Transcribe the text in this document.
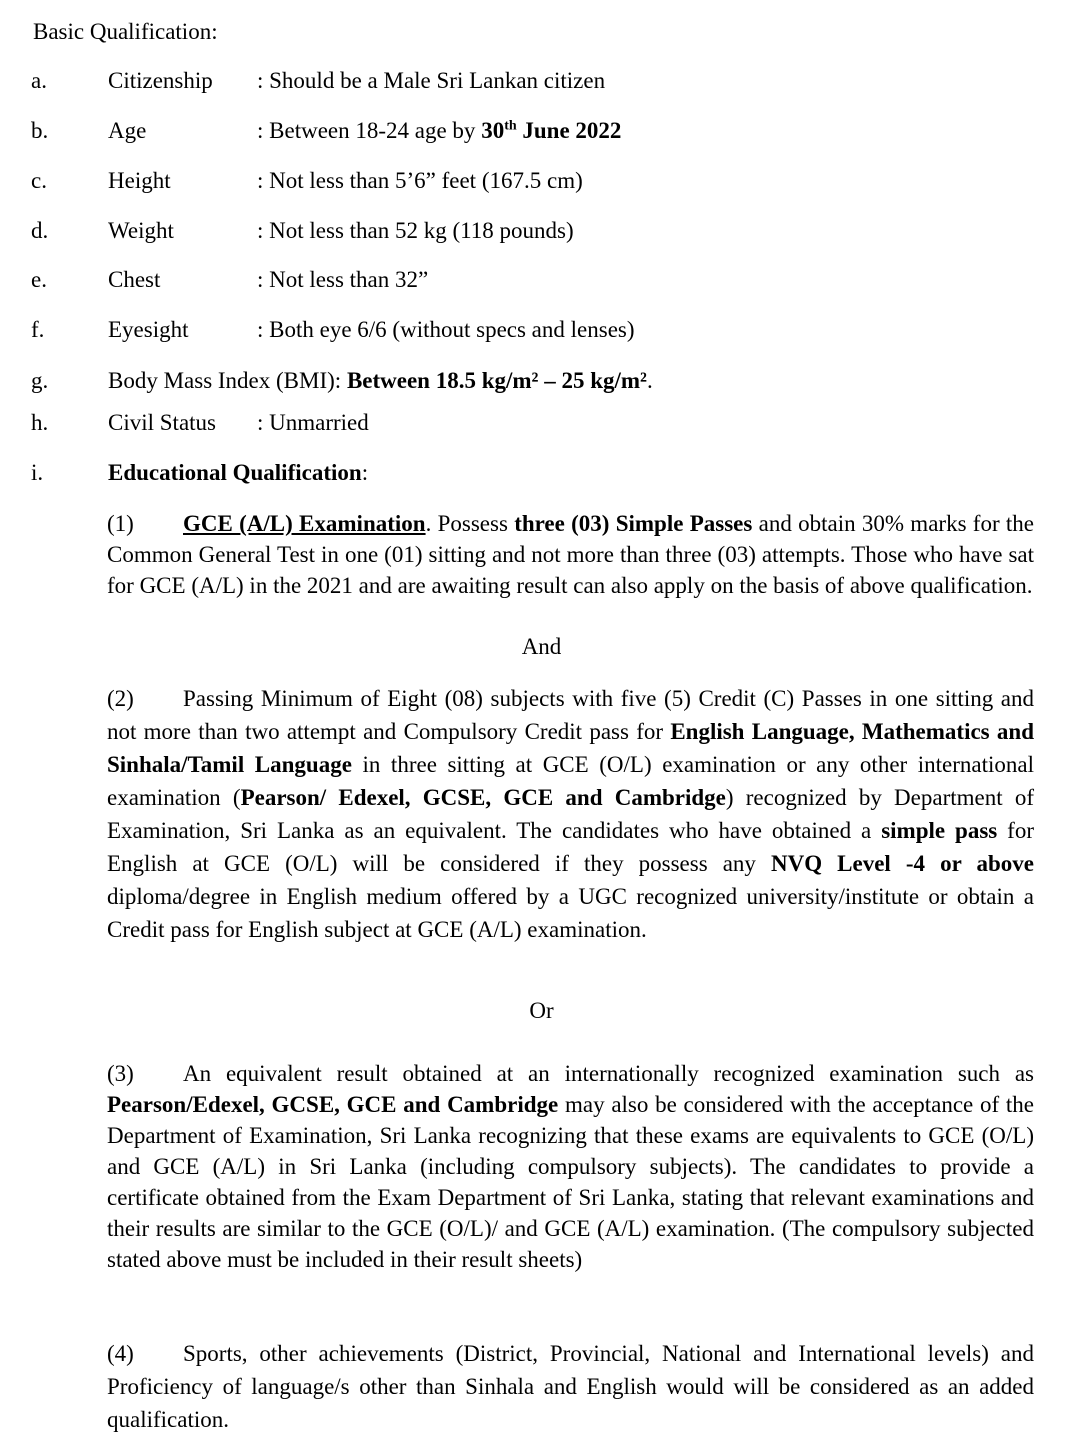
Basic Qualification:
a.	Citizenship : Should be a Male Sri Lankan citizen
b.	Age	: Between 18-24 age by 30th June 2022
c.	Height	: Not less than 5’6” feet (167.5 cm)
d.	Weight	: Not less than 52 kg (118 pounds)
e.	Chest	: Not less than 32”
f.	Eyesight	: Both eye 6/6 (without specs and lenses)
g.	Body Mass Index (BMI): Between 18.5 kg/m² – 25 kg/m².
h.	Civil Status : Unmarried
i.	Educational Qualification:
(1) GCE (A/L) Examination. Possess three (03) Simple Passes and obtain 30% marks for the Common General Test in one (01) sitting and not more than three (03) attempts. Those who have sat for GCE (A/L) in the 2021 and are awaiting result can also apply on the basis of above qualification.
And
(2) Passing Minimum of Eight (08) subjects with five (5) Credit (C) Passes in one sitting and not more than two attempt and Compulsory Credit pass for English Language, Mathematics and Sinhala/Tamil Language in three sitting at GCE (O/L) examination or any other international examination (Pearson/ Edexel, GCSE, GCE and Cambridge) recognized by Department of Examination, Sri Lanka as an equivalent. The candidates who have obtained a simple pass for English at GCE (O/L) will be considered if they possess any NVQ Level -4 or above diploma/degree in English medium offered by a UGC recognized university/institute or obtain a Credit pass for English subject at GCE (A/L) examination.
Or
(3) An equivalent result obtained at an internationally recognized examination such as Pearson/Edexel, GCSE, GCE and Cambridge may also be considered with the acceptance of the Department of Examination, Sri Lanka recognizing that these exams are equivalents to GCE (O/L) and GCE (A/L) in Sri Lanka (including compulsory subjects). The candidates to provide a certificate obtained from the Exam Department of Sri Lanka, stating that relevant examinations and their results are similar to the GCE (O/L)/ and GCE (A/L) examination. (The compulsory subjected stated above must be included in their result sheets)
(4) Sports, other achievements (District, Provincial, National and International levels) and Proficiency of language/s other than Sinhala and English would will be considered as an added qualification.
